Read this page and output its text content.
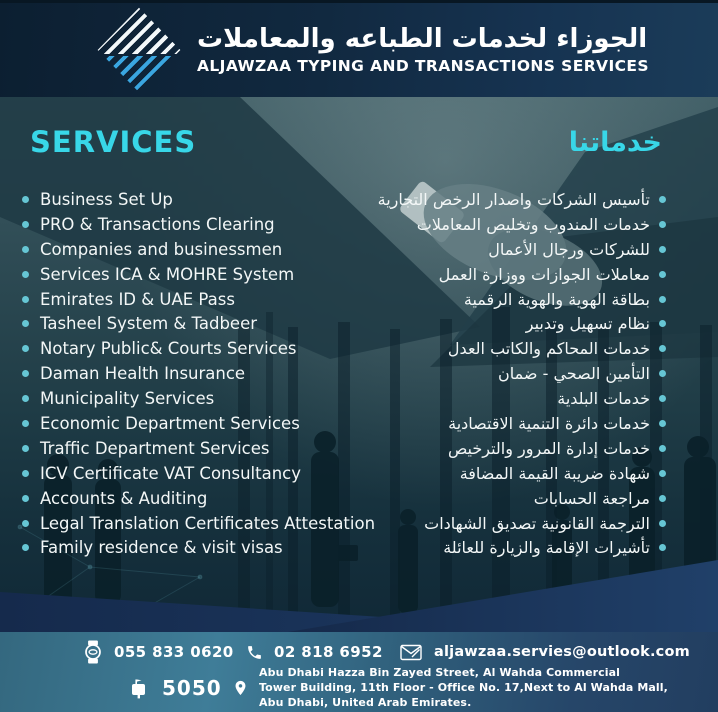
الجوزاء لخدمات الطباعه والمعاملات
ALJAWZAA TYPING AND TRANSACTIONS SERVICES
SERVICES	خدماتنا
Business Set Up
PRO & Transactions Clearing
Companies and businessmen
Services ICA & MOHRE System
Emirates ID & UAE Pass
Tasheel System & Tadbeer
Notary Public& Courts Services
Daman Health Insurance
Municipality Services
Economic Department Services
Traffic Department Services
ICV Certificate VAT Consultancy
Accounts & Auditing
Legal Translation Certificates Attestation
Family residence & visit visas
تأسيس الشركات واصدار الرخص التجارية
خدمات المندوب وتخليص المعاملات
للشركات ورجال الأعمال
معاملات الجوازات ووزارة العمل
بطاقة الهوية والهوية الرقمية
نظام تسهيل وتدبير
خدمات المحاكم والكاتب العدل
التأمين الصحي - ضمان
خدمات البلدية
خدمات دائرة التنمية الاقتصادية
خدمات إدارة المرور والترخيص
شهادة ضريبة القيمة المضافة
مراجعة الحسابات
الترجمة القانونية تصديق الشهادات
تأشيرات الإقامة والزيارة للعائلة
055 833 0620	02 818 6952	aljawzaa.servies@outlook.com
5050
Abu Dhabi Hazza Bin Zayed Street, Al Wahda Commercial
Tower Building, 11th Floor - Office No. 17,Next to Al Wahda Mall,
Abu Dhabi, United Arab Emirates.
